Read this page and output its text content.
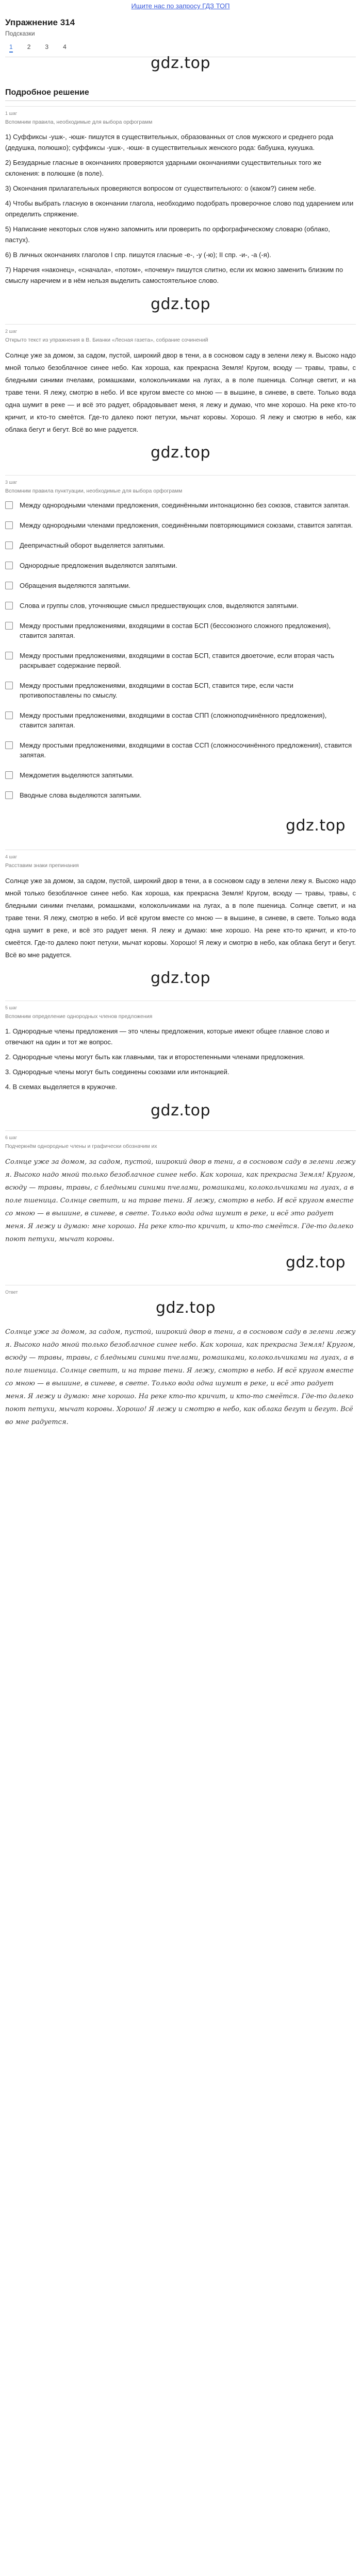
Ищите нас по запросу ГДЗ ТОП
Упражнение 314
Подсказки
1 2 3 4
gdz.top
Подробное решение
1 шаг
Вспомним правила, необходимые для выбора орфограмм

1) Суффиксы -ушк-, -юшк- пишутся в существительных, образованных от слов мужского и среднего рода (дедушка, полюшко); суффиксы -ушк-, -юшк- в существительных женского рода: бабушка, кукушка.

2) Безударные гласные в окончаниях проверяются ударными окончаниями существительных того же склонения: в полюшке (в поле).

3) Окончания прилагательных проверяются вопросом от существительного: о (каком?) синем небе.

4) Чтобы выбрать гласную в окончании глагола, необходимо подобрать проверочное слово под ударением или определить спряжение.

5) Написание некоторых слов нужно запомнить или проверить по орфографическому словарю (облако, пастух).

6) В личных окончаниях глаголов I спр. пишутся гласные -е-, -у (-ю); II спр. -и-, -а (-я).

7) Наречия «наконец», «сначала», «потом», «почему» пишутся слитно, если их можно заменить близким по смыслу наречием и в нём нельзя выделить самостоятельное слово.

gdz.top
2 шаг
Открыто текст из упражнения в В. Бианки «Лесная газета», собрание сочинений
Солнце уже за домом, за садом, пустой, широкий двор в тени, а в сосновом саду в зелени лежу я. Высоко надо мной только безоблачное синее небо. Как хороша, как прекрасна Земля! Кругом, всюду — травы, травы, с бледными синими пчелами, ромашками, колокольчиками на лугах, а в поле пшеница. Солнце светит, и на траве тени. Я лежу, смотрю в небо. И все кругом вместе со мною — в вышине, в синеве, в свете. Только вода одна шумит в реке — и всё это радует, обрадовывает меня, я лежу и думаю, что мне хорошо. На реке кто-то кричит, и кто-то смеётся. Где-то далеко поют петухи, мычат коровы. Хорошо. Я лежу и смотрю в небо, как облака бегут и бегут. Всё во мне радуется.
gdz.top
3 шаг
Вспомним правила пунктуации, необходимые для выбора орфограмм
Между однородными членами предложения, соединёнными интонационно без союзов, ставится запятая.
Между однородными членами предложения, соединёнными повторяющимися союзами, ставится запятая.
Деепричастный оборот выделяется запятыми.
Однородные предложения выделяются запятыми.
Обращения выделяются запятыми.
Слова и группы слов, уточняющие смысл предшествующих слов, выделяются запятыми.
Между простыми предложениями, входящими в состав БСП (бессоюзного сложного предложения), ставится запятая.
Между простыми предложениями, входящими в состав БСП, ставится двоеточие, если вторая часть раскрывает содержание первой.
Между простыми предложениями, входящими в состав БСП, ставится тире, если части противопоставлены по смыслу.
Между простыми предложениями, входящими в состав СПП (сложноподчинённого предложения), ставится запятая.
Между простыми предложениями, входящими в состав ССП (сложносочинённого предложения), ставится запятая.
Междометия выделяются запятыми.
Вводные слова выделяются запятыми.
gdz.top
4 шаг
Расставим знаки препинания
Солнце уже за домом, за садом, пустой, широкий двор в тени, а в сосновом саду в зелени лежу я. Высоко надо мной только безоблачное синее небо. Как хороша, как прекрасна Земля! Кругом, всюду — травы, травы, с бледными синими пчелами, ромашками, колокольчиками на лугах, а в поле пшеница. Солнце светит, и на траве тени. Я лежу, смотрю в небо. И всё кругом вместе со мною — в вышине, в синеве, в свете. Только вода одна шумит в реке, и всё это радует меня. Я лежу и думаю: мне хорошо. На реке кто-то кричит, и кто-то смеётся. Где-то далеко поют петухи, мычат коровы. Хорошо! Я лежу и смотрю в небо, как облака бегут и бегут. Всё во мне радуется.
gdz.top
5 шаг
Вспомним определение однородных членов предложения

1. Однородные члены предложения — это члены предложения, которые имеют общее главное слово и отвечают на один и тот же вопрос.

2. Однородные члены могут быть как главными, так и второстепенными членами предложения.

3. Однородные члены могут быть соединены союзами или интонацией.

4. В схемах выделяется в кружочке.

gdz.top
6 шаг
Подчеркнём однородные члены и графически обозначим их
Солнце уже за домом, за садом, пустой, широкий двор в тени, а в сосновом саду в зелени лежу я. Высоко надо мной только безоблачное синее небо. Как хороша, как прекрасна Земля! Кругом, всюду — травы, травы, с бледными синими пчелами, ромашками, колокольчиками на лугах, а в поле пшеница. Солнце светит, и на траве тени. Я лежу, смотрю в небо. И всё кругом вместе со мною — в вышине, в синеве, в свете. Только вода одна шумит в реке, и всё это радует меня. Я лежу и думаю: мне хорошо. На реке кто-то кричит, и кто-то смеётся. Где-то далеко поют петухи, мычат коровы.
gdz.top
Ответ
gdz.top
Солнце уже за домом, за садом, пустой, широкий двор в тени, а в сосновом саду в зелени лежу я. Высоко надо мной только безоблачное синее небо. Как хороша, как прекрасна Земля! Кругом, всюду — травы, травы, с бледными синими пчелами, ромашками, колокольчиками на лугах, а в поле пшеница. Солнце светит, и на траве тени. Я лежу, смотрю в небо. И всё кругом вместе со мною — в вышине, в синеве, в свете. Только вода одна шумит в реке, и всё это радует меня. Я лежу и думаю: мне хорошо. На реке кто-то кричит, и кто-то смеётся. Где-то далеко поют петухи, мычат коровы. Хорошо! Я лежу и смотрю в небо, как облака бегут и бегут. Всё во мне радуется.
